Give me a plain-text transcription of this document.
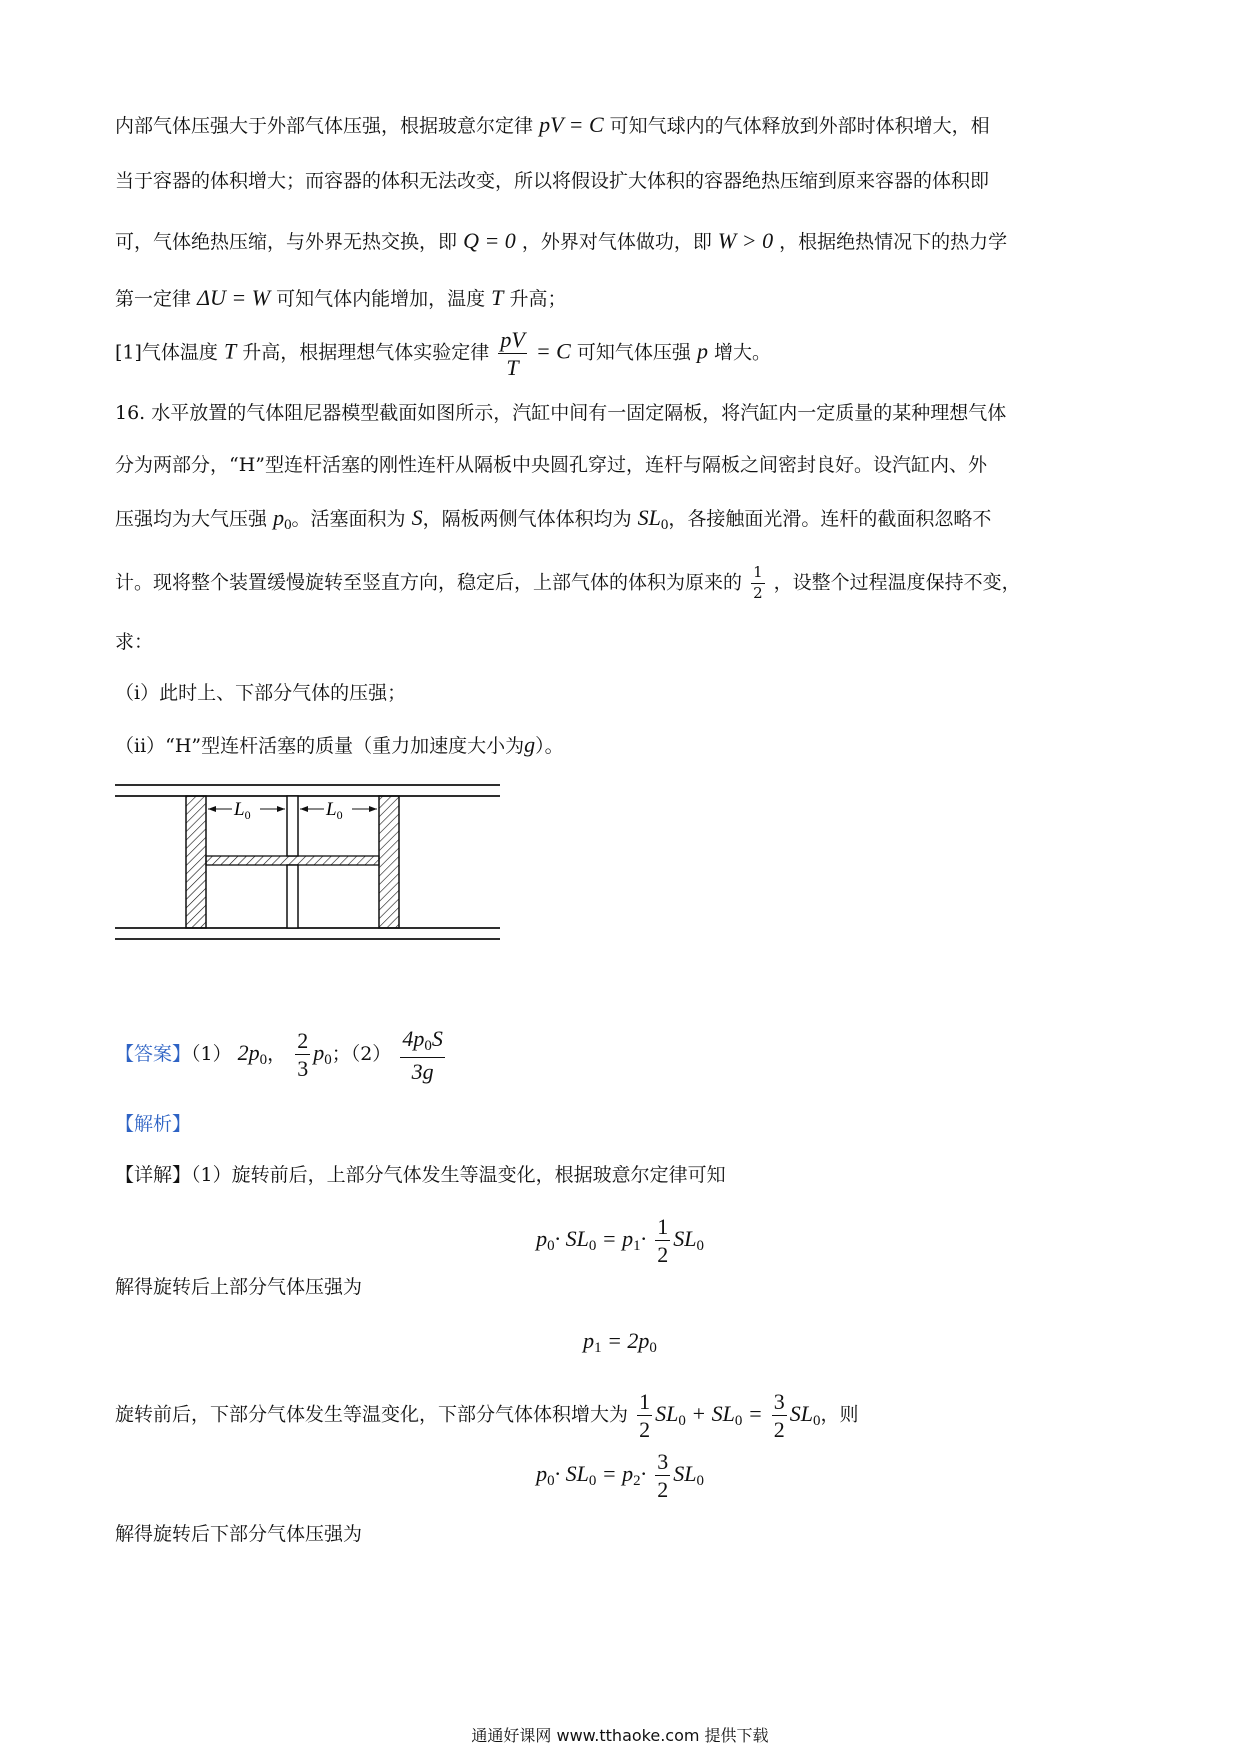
内部气体压强大于外部气体压强，根据玻意尔定律 pV = C 可知气球内的气体释放到外部时体积增大，相
当于容器的体积增大；而容器的体积无法改变，所以将假设扩大体积的容器绝热压缩到原来容器的体积即
可，气体绝热压缩，与外界无热交换，即 Q = 0 ，外界对气体做功，即 W > 0 ，根据绝热情况下的热力学
第一定律 ΔU = W 可知气体内能增加，温度 T 升高；
[1]气体温度 T 升高，根据理想气体实验定律 $\frac{pV}{T} = C$ 可知气体压强 p 增大。
16. 水平放置的气体阻尼器模型截面如图所示，汽缸中间有一固定隔板，将汽缸内一定质量的某种理想气体
分为两部分，“H”型连杆活塞的刚性连杆从隔板中央圆孔穿过，连杆与隔板之间密封良好。设汽缸内、外
压强均为大气压强 $p_0$。活塞面积为 S，隔板两侧气体体积均为 $SL_0$，各接触面光滑。连杆的截面积忽略不
计。现将整个装置缓慢旋转至竖直方向，稳定后，上部气体的体积为原来的 $\frac{1}{2}$ ，设整个过程温度保持不变，
求：
（i）此时上、下部分气体的压强；
（ii）“H”型连杆活塞的质量（重力加速度大小为g）。
$L_0$	$L_0$
【答案】（1） $2p_0$， $\frac{2}{3} p_0$；$(2) \frac{4p_0S}{3g}$
【解析】
【详解】（1）旋转前后，上部分气体发生等温变化，根据玻意尔定律可知
$p_0\cdot SL_0 = p_1\cdot \frac{1}{2} SL_0$
解得旋转后上部分气体压强为
$p_1 = 2p_0$
旋转前后，下部分气体发生等温变化，下部分气体体积增大为 $\frac{1}{2} SL_0 + SL_0 = \frac{3}{2} SL_0$，则
$p_0\cdot SL_0 = p_2\cdot \frac{3}{2} SL_0$
解得旋转后下部分气体压强为
通通好课网 www.tthaoke.com 提供下载
